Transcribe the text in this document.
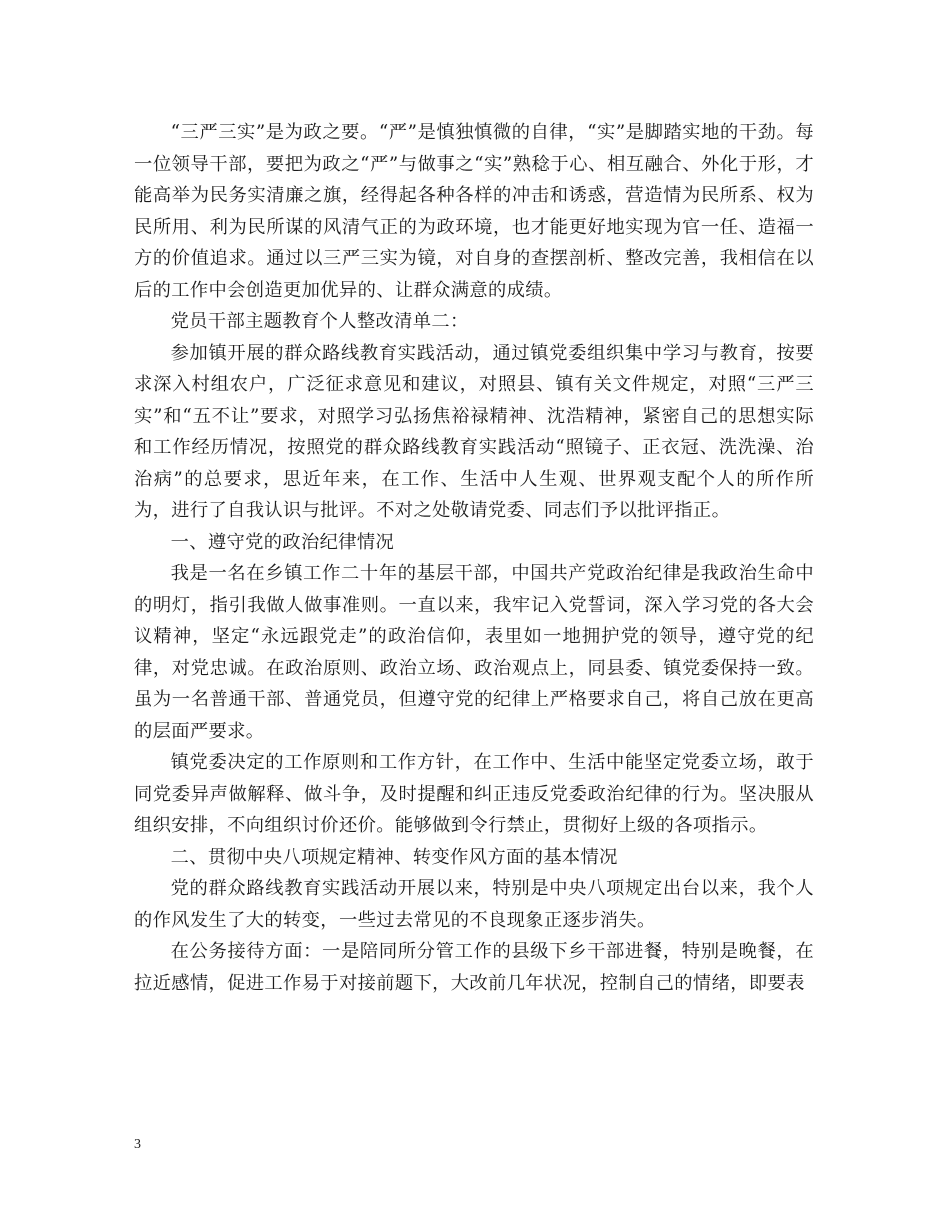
“三严三实”是为政之要。“严”是慎独慎微的自律，“实”是脚踏实地的干劲。每一位领导干部，要把为政之“严”与做事之“实”熟稔于心、相互融合、外化于形，才能高举为民务实清廉之旗，经得起各种各样的冲击和诱惑，营造情为民所系、权为民所用、利为民所谋的风清气正的为政环境，也才能更好地实现为官一任、造福一方的价值追求。通过以三严三实为镜，对自身的查摆剖析、整改完善，我相信在以后的工作中会创造更加优异的、让群众满意的成绩。

党员干部主题教育个人整改清单二：

参加镇开展的群众路线教育实践活动，通过镇党委组织集中学习与教育，按要求深入村组农户，广泛征求意见和建议，对照县、镇有关文件规定，对照“三严三实”和“五不让”要求，对照学习弘扬焦裕禄精神、沈浩精神，紧密自己的思想实际和工作经历情况，按照党的群众路线教育实践活动“照镜子、正衣冠、洗洗澡、治治病”的总要求，思近年来，在工作、生活中人生观、世界观支配个人的所作所为，进行了自我认识与批评。不对之处敬请党委、同志们予以批评指正。

一、遵守党的政治纪律情况

我是一名在乡镇工作二十年的基层干部，中国共产党政治纪律是我政治生命中的明灯，指引我做人做事准则。一直以来，我牢记入党誓词，深入学习党的各大会议精神，坚定“永远跟党走”的政治信仰，表里如一地拥护党的领导，遵守党的纪律，对党忠诚。在政治原则、政治立场、政治观点上，同县委、镇党委保持一致。虽为一名普通干部、普通党员，但遵守党的纪律上严格要求自己，将自己放在更高的层面严要求。

镇党委决定的工作原则和工作方针，在工作中、生活中能坚定党委立场，敢于同党委异声做解释、做斗争，及时提醒和纠正违反党委政治纪律的行为。坚决服从组织安排，不向组织讨价还价。能够做到令行禁止，贯彻好上级的各项指示。

二、贯彻中央八项规定精神、转变作风方面的基本情况

党的群众路线教育实践活动开展以来，特别是中央八项规定出台以来，我个人的作风发生了大的转变，一些过去常见的不良现象正逐步消失。

在公务接待方面：一是陪同所分管工作的县级下乡干部进餐，特别是晚餐，在拉近感情，促进工作易于对接前题下，大改前几年状况，控制自己的情绪，即要表

3
